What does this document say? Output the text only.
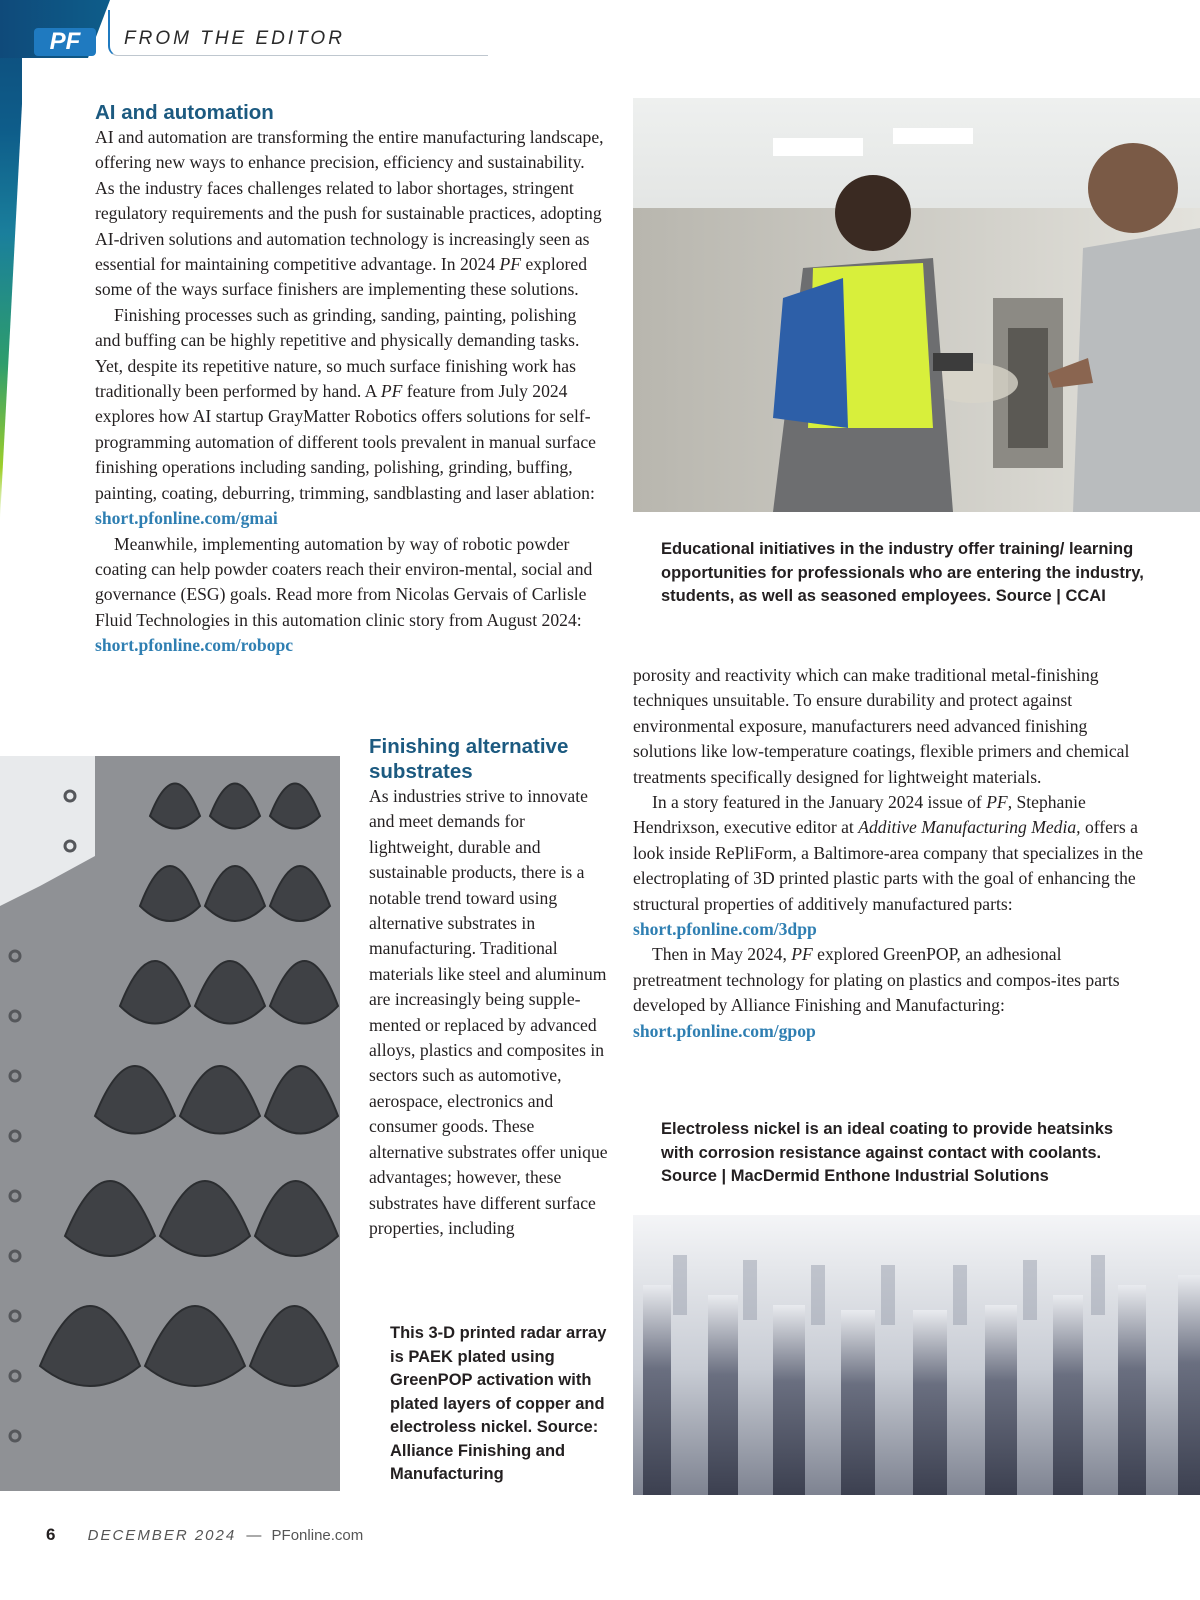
PF	FROM THE EDITOR
AI and automation

AI and automation are transforming the entire manufacturing landscape, offering new ways to enhance precision, efficiency and sustainability. As the industry faces challenges related to labor shortages, stringent regulatory requirements and the push for sustainable practices, adopting AI-driven solutions and automation technology is increasingly seen as essential for maintaining competitive advantage. In 2024 PF explored some of the ways surface finishers are implementing these solutions.

Finishing processes such as grinding, sanding, painting, polishing and buffing can be highly repetitive and physically demanding tasks. Yet, despite its repetitive nature, so much surface finishing work has traditionally been performed by hand. A PF feature from July 2024 explores how AI startup GrayMatter Robotics offers solutions for self-programming automation of different tools prevalent in manual surface finishing operations including sanding, polishing, grinding, buffing, painting, coating, deburring, trimming, sandblasting and laser ablation: short.pfonline.com/gmai

Meanwhile, implementing automation by way of robotic powder coating can help powder coaters reach their environ-mental, social and governance (ESG) goals. Read more from Nicolas Gervais of Carlisle Fluid Technologies in this automation clinic story from August 2024: short.pfonline.com/robopc

Educational initiatives in the industry offer training/ learning opportunities for professionals who are entering the industry, students, as well as seasoned employees. Source | CCAI
Finishing alternative
substrates

As industries strive to innovate and meet demands for lightweight, durable and sustainable products, there is a notable trend toward using alternative substrates in manufacturing. Traditional materials like steel and aluminum are increasingly being supple-mented or replaced by advanced alloys, plastics and composites in sectors such as automotive, aerospace, electronics and consumer goods. These alternative substrates offer unique advantages; however, these substrates have different surface properties, including

This 3-D printed radar array is PAEK plated using GreenPOP activation with plated layers of copper and electroless nickel. Source: Alliance Finishing and Manufacturing

porosity and reactivity which can make traditional metal-finishing techniques unsuitable. To ensure durability and protect against environmental exposure, manufacturers need advanced finishing solutions like low-temperature coatings, flexible primers and chemical treatments specifically designed for lightweight materials.

In a story featured in the January 2024 issue of PF, Stephanie Hendrixson, executive editor at Additive Manufacturing Media, offers a look inside RePliForm, a Baltimore-area company that specializes in the electroplating of 3D printed plastic parts with the goal of enhancing the structural properties of additively manufactured parts: short.pfonline.com/3dpp

Then in May 2024, PF explored GreenPOP, an adhesional pretreatment technology for plating on plastics and compos-ites parts developed by Alliance Finishing and Manufacturing: short.pfonline.com/gpop

Electroless nickel is an ideal coating to provide heatsinks with corrosion resistance against contact with coolants. Source | MacDermid Enthone Industrial Solutions
6 DECEMBER 2024 — PFonline.com
